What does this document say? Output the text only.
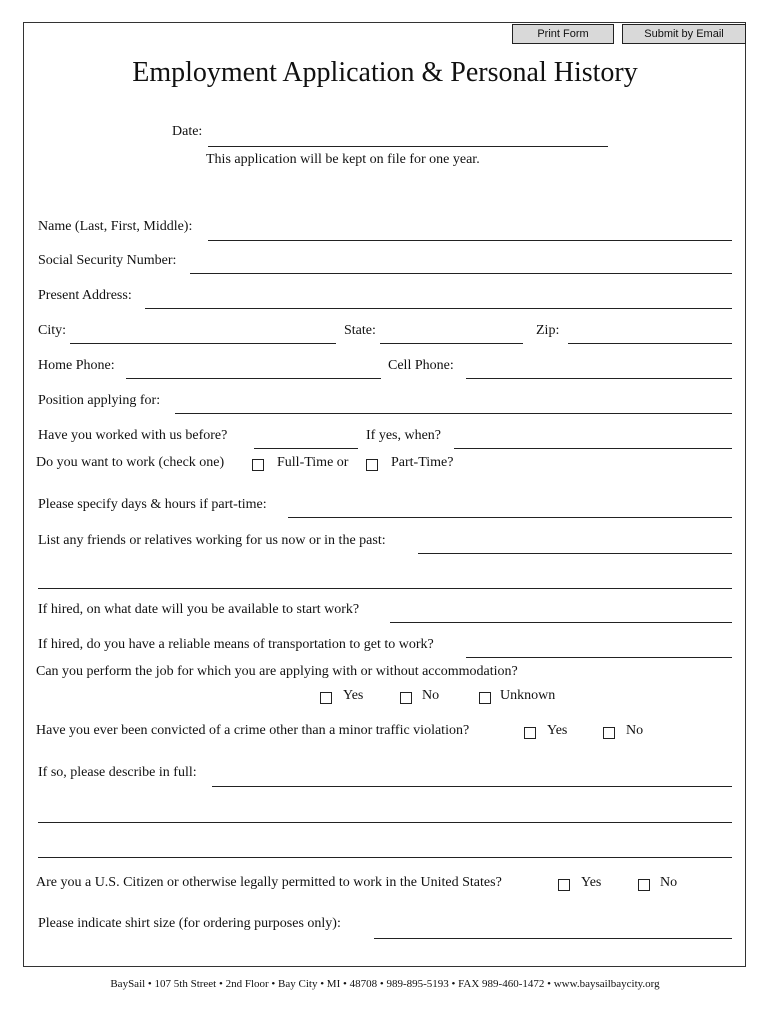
Print Form	Submit by Email
Employment Application & Personal History
Date:
This application will be kept on file for one year.
Name (Last, First, Middle):
Social Security Number:
Present Address:
City:	State:	Zip:
Home Phone:	Cell Phone:
Position applying for:
Have you worked with us before?	If yes, when?
Do you want to work (check one)	Full-Time or	Part-Time?
Please specify days & hours if part-time:
List any friends or relatives working for us now or in the past:
If hired, on what date will you be available to start work?
If hired, do you have a reliable means of transportation to get to work?
Can you perform the job for which you are applying with or without accommodation?
Yes	No	Unknown
Have you ever been convicted of a crime other than a minor traffic violation?	Yes	No
If so, please describe in full:
Are you a U.S. Citizen or otherwise legally permitted to work in the United States?	Yes	No
Please indicate shirt size (for ordering purposes only):
BaySail • 107 5th Street • 2nd Floor • Bay City • MI • 48708 • 989-895-5193 • FAX 989-460-1472 • www.baysailbaycity.org
